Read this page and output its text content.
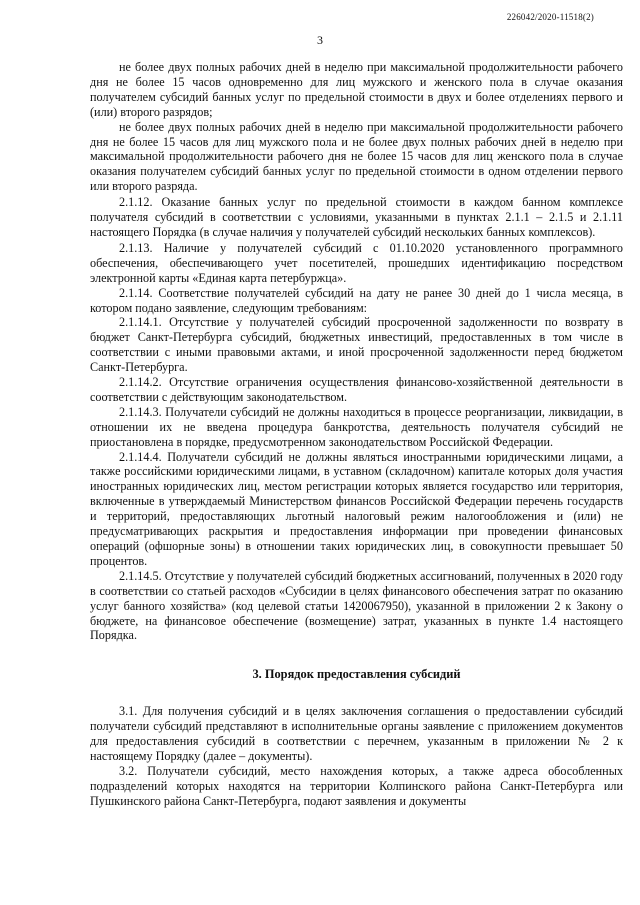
226042/2020-11518(2)
3

не более двух полных рабочих дней в неделю при максимальной продолжительности рабочего дня не более 15 часов одновременно для лиц мужского и женского пола в случае оказания получателем субсидий банных услуг по предельной стоимости в двух и более отделениях первого и (или) второго разрядов;

не более двух полных рабочих дней в неделю при максимальной продолжительности рабочего дня не более 15 часов для лиц мужского пола и не более двух полных рабочих дней в неделю при максимальной продолжительности рабочего дня не более 15 часов для лиц женского пола в случае оказания получателем субсидий банных услуг по предельной стоимости в одном отделении первого или второго разряда.

2.1.12. Оказание банных услуг по предельной стоимости в каждом банном комплексе получателя субсидий в соответствии с условиями, указанными в пунктах 2.1.1 – 2.1.5 и 2.1.11 настоящего Порядка (в случае наличия у получателей субсидий нескольких банных комплексов).

2.1.13. Наличие у получателей субсидий с 01.10.2020 установленного программного обеспечения, обеспечивающего учет посетителей, прошедших идентификацию посредством электронной карты «Единая карта петербуржца».

2.1.14. Соответствие получателей субсидий на дату не ранее 30 дней до 1 числа месяца, в котором подано заявление, следующим требованиям:

2.1.14.1. Отсутствие у получателей субсидий просроченной задолженности по возврату в бюджет Санкт-Петербурга субсидий, бюджетных инвестиций, предоставленных в том числе в соответствии с иными правовыми актами, и иной просроченной задолженности перед бюджетом Санкт-Петербурга.

2.1.14.2. Отсутствие ограничения осуществления финансово-хозяйственной деятельности в соответствии с действующим законодательством.

2.1.14.3. Получатели субсидий не должны находиться в процессе реорганизации, ликвидации, в отношении их не введена процедура банкротства, деятельность получателя субсидий не приостановлена в порядке, предусмотренном законодательством Российской Федерации.

2.1.14.4. Получатели субсидий не должны являться иностранными юридическими лицами, а также российскими юридическими лицами, в уставном (складочном) капитале которых доля участия иностранных юридических лиц, местом регистрации которых является государство или территория, включенные в утверждаемый Министерством финансов Российской Федерации перечень государств и территорий, предоставляющих льготный налоговый режим налогообложения и (или) не предусматривающих раскрытия и предоставления информации при проведении финансовых операций (офшорные зоны) в отношении таких юридических лиц, в совокупности превышает 50 процентов.

2.1.14.5. Отсутствие у получателей субсидий бюджетных ассигнований, полученных в 2020 году в соответствии со статьей расходов «Субсидии в целях финансового обеспечения затрат по оказанию услуг банного хозяйства» (код целевой статьи 1420067950), указанной в приложении 2 к Закону о бюджете, на финансовое обеспечение (возмещение) затрат, указанных в пункте 1.4 настоящего Порядка.

3. Порядок предоставления субсидий

3.1. Для получения субсидий и в целях заключения соглашения о предоставлении субсидий получатели субсидий представляют в исполнительные органы заявление с приложением документов для предоставления субсидий в соответствии с перечнем, указанным в приложении № 2 к настоящему Порядку (далее – документы).

3.2. Получатели субсидий, место нахождения которых, а также адреса обособленных подразделений которых находятся на территории Колпинского района Санкт-Петербурга или Пушкинского района Санкт-Петербурга, подают заявления и документы
